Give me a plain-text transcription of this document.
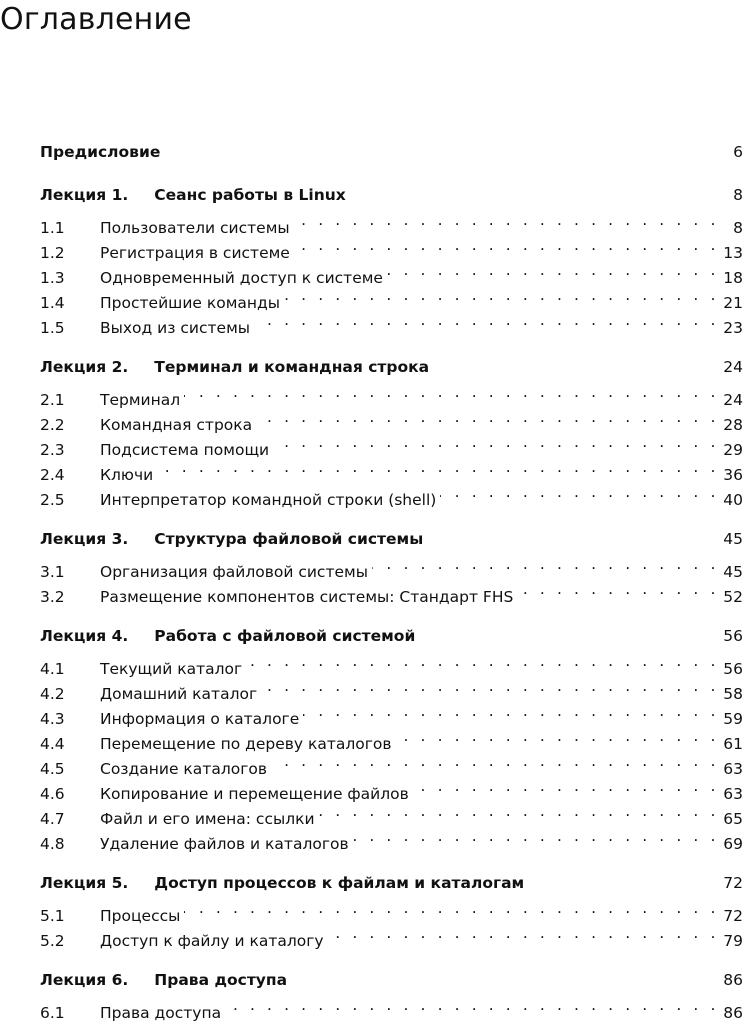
Оглавление
Предисловие	6
Лекция 1.	Сеанс работы в Linux	8
1.1	Пользователи системы . . .	8
1.2	Регистрация в системе . . .	13
1.3	Одновременный доступ к системе . . .	18
1.4	Простейшие команды . . .	21
1.5	Выход из системы . . .	23
Лекция 2.	Терминал и командная строка	24
2.1	Терминал . . .	24
2.2	Командная строка . . .	28
2.3	Подсистема помощи . . .	29
2.4	Ключи . . .	36
2.5	Интерпретатор командной строки (shell) . . .	40
Лекция 3.	Структура файловой системы	45
3.1	Организация файловой системы . . .	45
3.2	Размещение компонентов системы: Стандарт FHS . . .	52
Лекция 4.	Работа с файловой системой	56
4.1	Текущий каталог . . .	56
4.2	Домашний каталог . . .	58
4.3	Информация о каталоге . . .	59
4.4	Перемещение по дереву каталогов . . .	61
4.5	Создание каталогов . . .	63
4.6	Копирование и перемещение файлов . . .	63
4.7	Файл и его имена: ссылки . . .	65
4.8	Удаление файлов и каталогов . . .	69
Лекция 5.	Доступ процессов к файлам и каталогам	72
5.1	Процессы . . .	72
5.2	Доступ к файлу и каталогу . . .	79
Лекция 6.	Права доступа	86
6.1	Права доступа . . .	86
